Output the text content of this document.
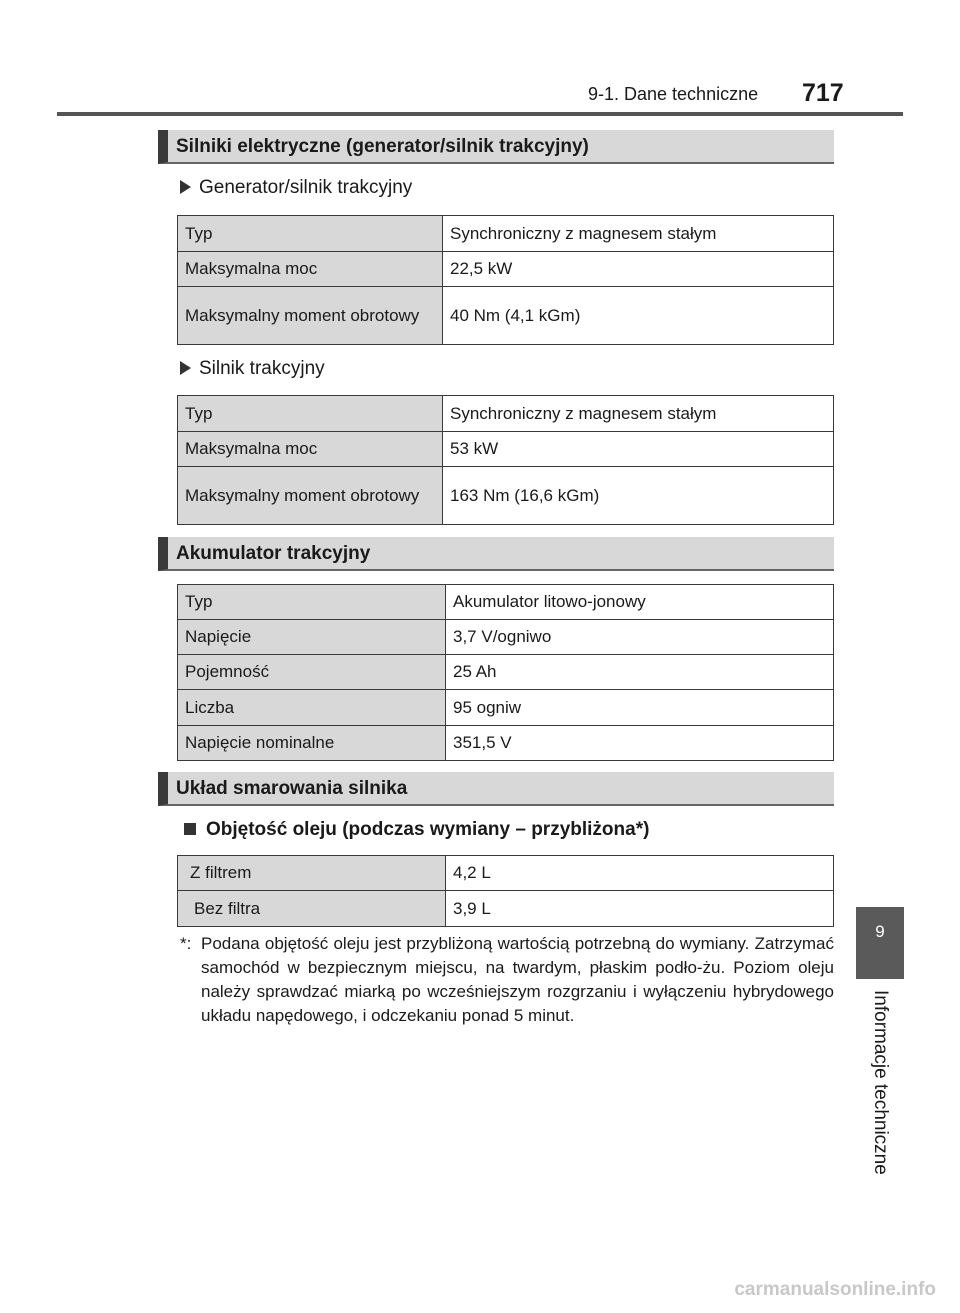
9-1. Dane techniczne 717
9
Informacje techniczne
Silniki elektryczne (generator/silnik trakcyjny)
Generator/silnik trakcyjny
Typ	Synchroniczny z magnesem stałym
Maksymalna moc	22,5 kW
Maksymalny moment obrotowy	40 Nm (4,1 kGm)
Silnik trakcyjny
Typ	Synchroniczny z magnesem stałym
Maksymalna moc	53 kW
Maksymalny moment obrotowy	163 Nm (16,6 kGm)
Akumulator trakcyjny
Typ	Akumulator litowo-jonowy
Napięcie	3,7 V/ogniwo
Pojemność	25 Ah
Liczba	95 ogniw
Napięcie nominalne	351,5 V
Układ smarowania silnika
Objętość oleju (podczas wymiany – przybliżona*)
Z filtrem	4,2 L
Bez filtra	3,9 L
*: Podana objętość oleju jest przybliżoną wartością potrzebną do wymiany. Zatrzymać samochód w bezpiecznym miejscu, na twardym, płaskim podło-żu. Poziom oleju należy sprawdzać miarką po wcześniejszym rozgrzaniu i wyłączeniu hybrydowego układu napędowego, i odczekaniu ponad 5 minut.
carmanualsonline.info
